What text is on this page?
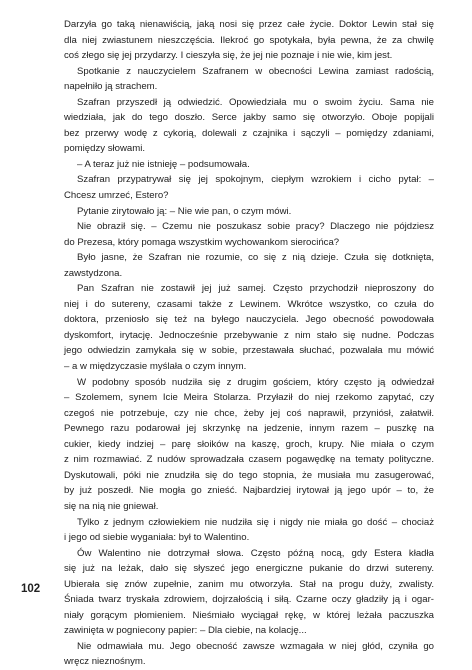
Darzyła go taką nienawiścią, jaką nosi się przez całe życie. Doktor Lewin stał się
dla niej zwiastunem nieszczęścia. Ilekroć go spotykała, była pewna, że za chwilę
coś złego się jej przydarzy. I cieszyła się, że jej nie poznaje i nie wie, kim jest.
Spotkanie z nauczycielem Szafranem w obecności Lewina zamiast radością,
napełniło ją strachem.
Szafran przyszedł ją odwiedzić. Opowiedziała mu o swoim życiu. Sama nie
wiedziała, jak do tego doszło. Serce jakby samo się otworzyło. Oboje popijali
bez przerwy wodę z cykorią, dolewali z czajnika i sączyli – pomiędzy zdaniami,
pomiędzy słowami.
– A teraz już nie istnieję – podsumowała.
Szafran przypatrywał się jej spokojnym, ciepłym wzrokiem i cicho pytał: –
Chcesz umrzeć, Estero?
Pytanie zirytowało ją: – Nie wie pan, o czym mówi.
Nie obraził się. – Czemu nie poszukasz sobie pracy? Dlaczego nie pójdziesz
do Prezesa, który pomaga wszystkim wychowankom sierocińca?
Było jasne, że Szafran nie rozumie, co się z nią dzieje. Czuła się dotknięta,
zawstydzona.
Pan Szafran nie zostawił jej już samej. Często przychodził nieproszony do
niej i do sutereny, czasami także z Lewinem. Wkrótce wszystko, co czuła do
doktora, przeniosło się też na byłego nauczyciela. Jego obecność powodowała
dyskomfort, irytację. Jednocześnie przebywanie z nim stało się nudne. Podczas
jego odwiedzin zamykała się w sobie, przestawała słuchać, pozwalała mu mówić
– a w międzyczasie myślała o czym innym.
W podobny sposób nudziła się z drugim gościem, który często ją odwiedzał
– Szolemem, synem Icie Meira Stolarza. Przyłaził do niej rzekomo zapytać, czy
czegoś nie potrzebuje, czy nie chce, żeby jej coś naprawił, przyniósł, załatwił.
Pewnego razu podarował jej skrzynkę na jedzenie, innym razem – puszkę na
cukier, kiedy indziej – parę słoików na kaszę, groch, krupy. Nie miała o czym
z nim rozmawiać. Z nudów sprowadzała czasem pogawędkę na tematy polityczne.
Dyskutowali, póki nie znudziła się do tego stopnia, że musiała mu zasugerować,
by już poszedł. Nie mogła go znieść. Najbardziej irytował ją jego upór – to, że
się na nią nie gniewał.
Tylko z jednym człowiekiem nie nudziła się i nigdy nie miała go dość – chociaż
i jego od siebie wyganiała: był to Walentino.
Ów Walentino nie dotrzymał słowa. Często późną nocą, gdy Estera kładła
się już na leżak, dało się słyszeć jego energiczne pukanie do drzwi sutereny.
Ubierała się znów zupełnie, zanim mu otworzyła. Stał na progu duży, zwalisty.
Śniada twarz tryskała zdrowiem, dojrzałością i siłą. Czarne oczy gładziły ją i ogar-
niały gorącym płomieniem. Nieśmiało wyciągał rękę, w której leżała paczuszka
zawinięta w pogniecony papier: – Dla ciebie, na kolację...
Nie odmawiała mu. Jego obecność zawsze wzmagała w niej głód, czyniła go
wręcz nieznośnym.
102
